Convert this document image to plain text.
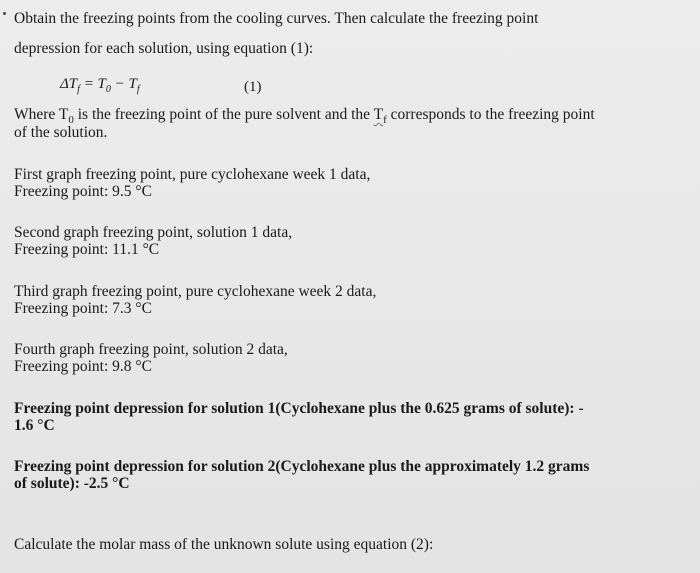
Obtain the freezing points from the cooling curves. Then calculate the freezing point

depression for each solution, using equation (1):

$\Delta T_f = T_0 - T_f$	(1)

Where $T_0$ is the freezing point of the pure solvent and the $T_f$ corresponds to the freezing point

of the solution.

First graph freezing point, pure cyclohexane week 1 data,

Freezing point: 9.5 °C

Second graph freezing point, solution 1 data,

Freezing point: 11.1 °C

Third graph freezing point, pure cyclohexane week 2 data,

Freezing point: 7.3 °C

Fourth graph freezing point, solution 2 data,

Freezing point: 9.8 °C

Freezing point depression for solution 1(Cyclohexane plus the 0.625 grams of solute): -

1.6 °C

Freezing point depression for solution 2(Cyclohexane plus the approximately 1.2 grams

of solute): -2.5 °C

Calculate the molar mass of the unknown solute using equation (2):
